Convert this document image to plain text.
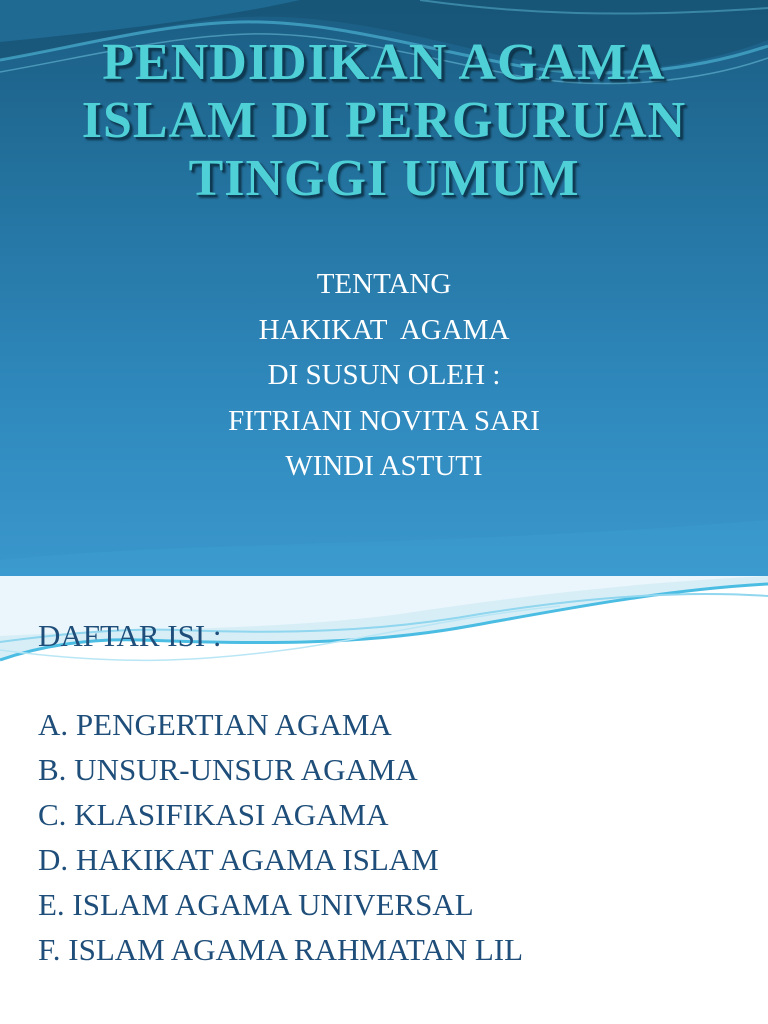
PENDIDIKAN AGAMA
ISLAM DI PERGURUAN
TINGGI UMUM
TENTANG
HAKIKAT  AGAMA
DI SUSUN OLEH :
FITRIANI NOVITA SARI
WINDI ASTUTI
DAFTAR ISI :
A. PENGERTIAN AGAMA
B. UNSUR-UNSUR AGAMA
C. KLASIFIKASI AGAMA
D. HAKIKAT AGAMA ISLAM
E. ISLAM AGAMA UNIVERSAL
F. ISLAM AGAMA RAHMATAN LIL
